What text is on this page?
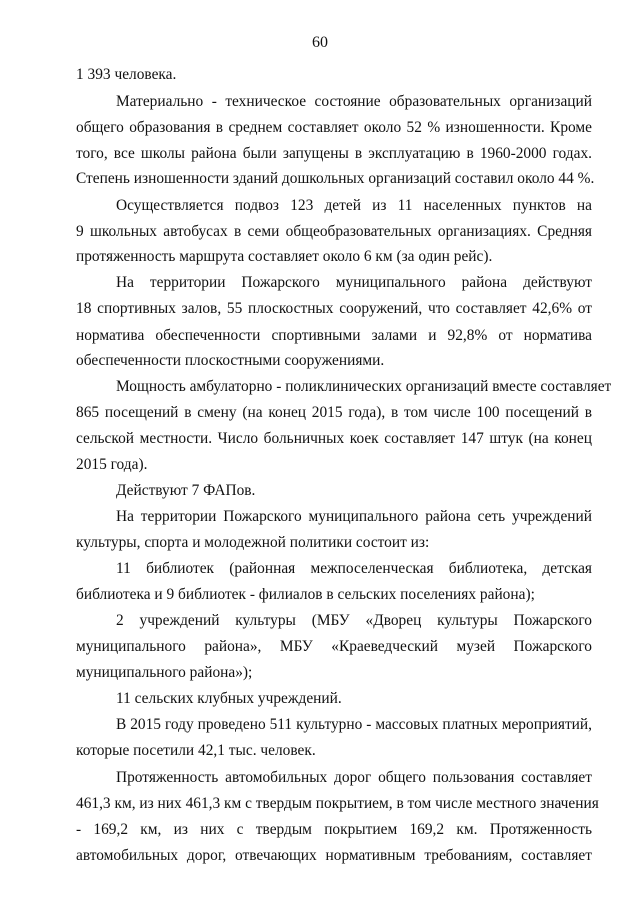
60
1 393 человека.
Материально - техническое состояние образовательных организаций
общего образования в среднем составляет около 52 % изношенности. Кроме
того, все школы района были запущены в эксплуатацию в 1960-2000 годах.
Степень изношенности зданий дошкольных организаций составил около 44 %.
Осуществляется подвоз 123 детей из 11 населенных пунктов на
9 школьных автобусах в семи общеобразовательных организациях. Средняя
протяженность маршрута составляет около 6 км (за один рейс).
На территории Пожарского муниципального района действуют
18 спортивных залов, 55 плоскостных сооружений, что составляет 42,6% от
норматива обеспеченности спортивными залами и 92,8% от норматива
обеспеченности плоскостными сооружениями.
Мощность амбулаторно - поликлинических организаций вместе составляет
865 посещений в смену (на конец 2015 года), в том числе 100 посещений в
сельской местности. Число больничных коек составляет 147 штук (на конец
2015 года).
Действуют 7 ФАПов.
На территории Пожарского муниципального района сеть учреждений
культуры, спорта и молодежной политики состоит из:
11 библиотек (районная межпоселенческая библиотека, детская
библиотека и 9 библиотек - филиалов в сельских поселениях района);
2 учреждений культуры (МБУ «Дворец культуры Пожарского
муниципального района», МБУ «Краеведческий музей Пожарского
муниципального района»);
11 сельских клубных учреждений.
В 2015 году проведено 511 культурно - массовых платных мероприятий,
которые посетили 42,1 тыс. человек.
Протяженность автомобильных дорог общего пользования составляет
461,3 км, из них 461,3 км с твердым покрытием, в том числе местного значения
- 169,2 км, из них с твердым покрытием 169,2 км. Протяженность
автомобильных дорог, отвечающих нормативным требованиям, составляет
